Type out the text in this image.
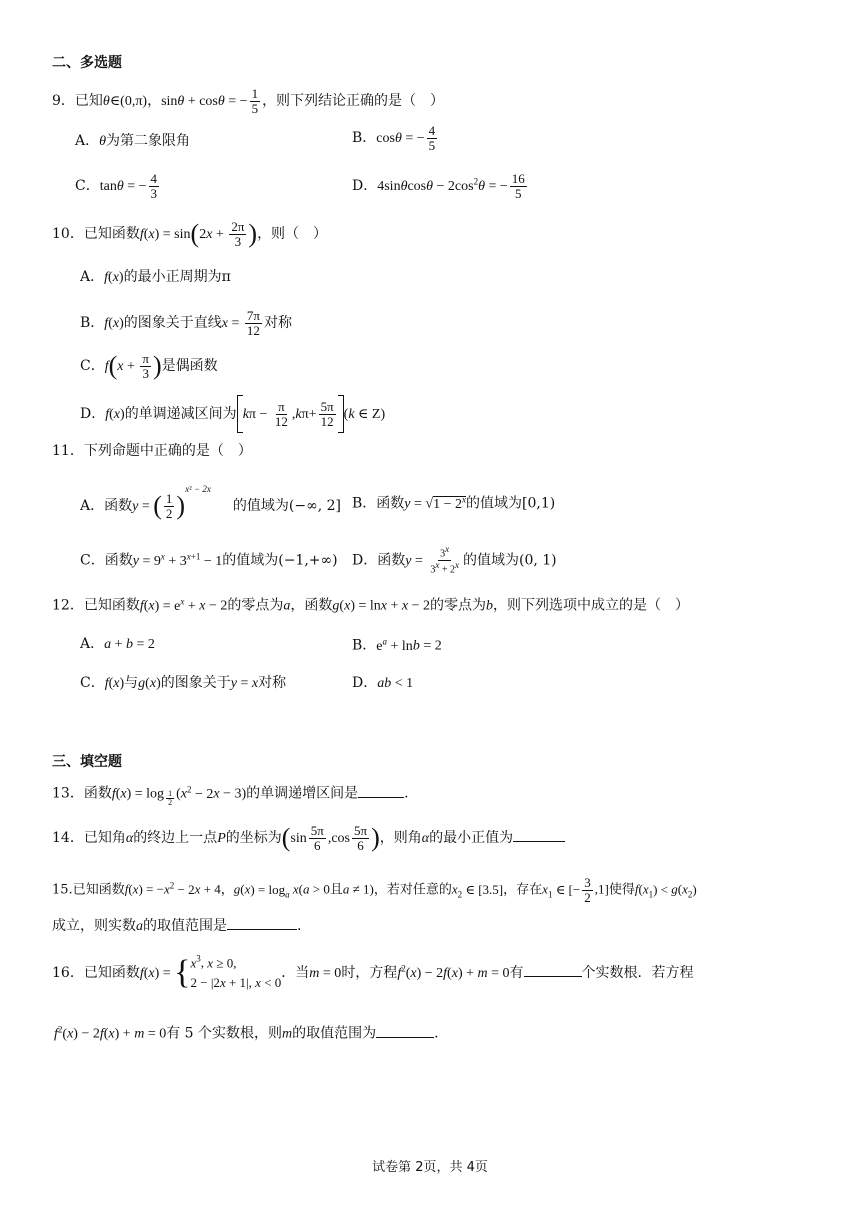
二、多选题
9．已知θ∈(0,π)，sinθ + cosθ = − $\frac{1}{5}$ ，则下列结论正确的是（　）
A．θ为第二象限角	B．cosθ = − $\frac{4}{5}$
C．tanθ = − $\frac{4}{3}$	D．$4\sin\theta\cos\theta - 2\cos^2\theta$ = − $\frac{16}{5}$
10．已知函数$f(x) = \sin(2x + \frac{2\pi}{3}$ )，则（　）
A．f(x)的最小正周期为π
B．f(x)的图象关于直线$x = \frac{7\pi}{12}$ 对称
C．$f(x + \frac{\pi}{3}$ )是偶函数
D．f(x)的单调递减区间为 $k\pi - \frac{\pi}{12} ,k\pi+ \frac{5\pi}{12} (k$ ∈ Z)
11．下列命题中正确的是（　）
A．函数y = ( $\frac{1}{2} )^{x^2 - 2x}$的值域为(−∞, 2] B．函数$y = √1 - 2^x$的值域为[0,1)
C．函数$y = 9^x + 3^{x+1} - 1$的值域为(−1,+∞) D．函数$y = \frac{3^x}{3^x + 2^x}$ 的值域为(0, 1)
12．已知函数$f(x) = e^x + x - 2$的零点为a，函数g(x) = lnx + x − 2的零点为b，则下列选项中成立的是（　）
A．a + b = 2	B．$e^a + \ln b = 2$
C．f(x)与g(x)的图象关于y = x对称	D．ab < 1
三、填空题
13．函数f(x) = log $_{\frac{1}{2}}$ $(x^2 - 2x - 3)$的单调递增区间是	.
14．已知角α的终边上一点P的坐标为($\sin \frac{5\pi}{6} ,\cos \frac{5\pi}{6}$ )，则角α的最小正值为
15.已知函数$f(x) = -x^2 - 2x + 4$，$g(x) = \log_a x(a > 0$且a ≠ 1)，若对任意的$x_2$ ∈ [3.5]，存在$x_1$ ∈ [− $\frac{3}{2} ,1$]使得$f(x_1) < g(x_2)$
成立，则实数a的取值范围是	.
16．已知函数f(x) = { $x^3$, x ≥ 0,
2 − |2x + 1|, x < 0
．当m = 0时，方程$f^2(x) - 2f(x) + m = 0$有	个实数根．若方程
$f^2(x) - 2f(x) + m = 0$有 5 个实数根，则m的取值范围为	.
试卷第 2页，共 4页
